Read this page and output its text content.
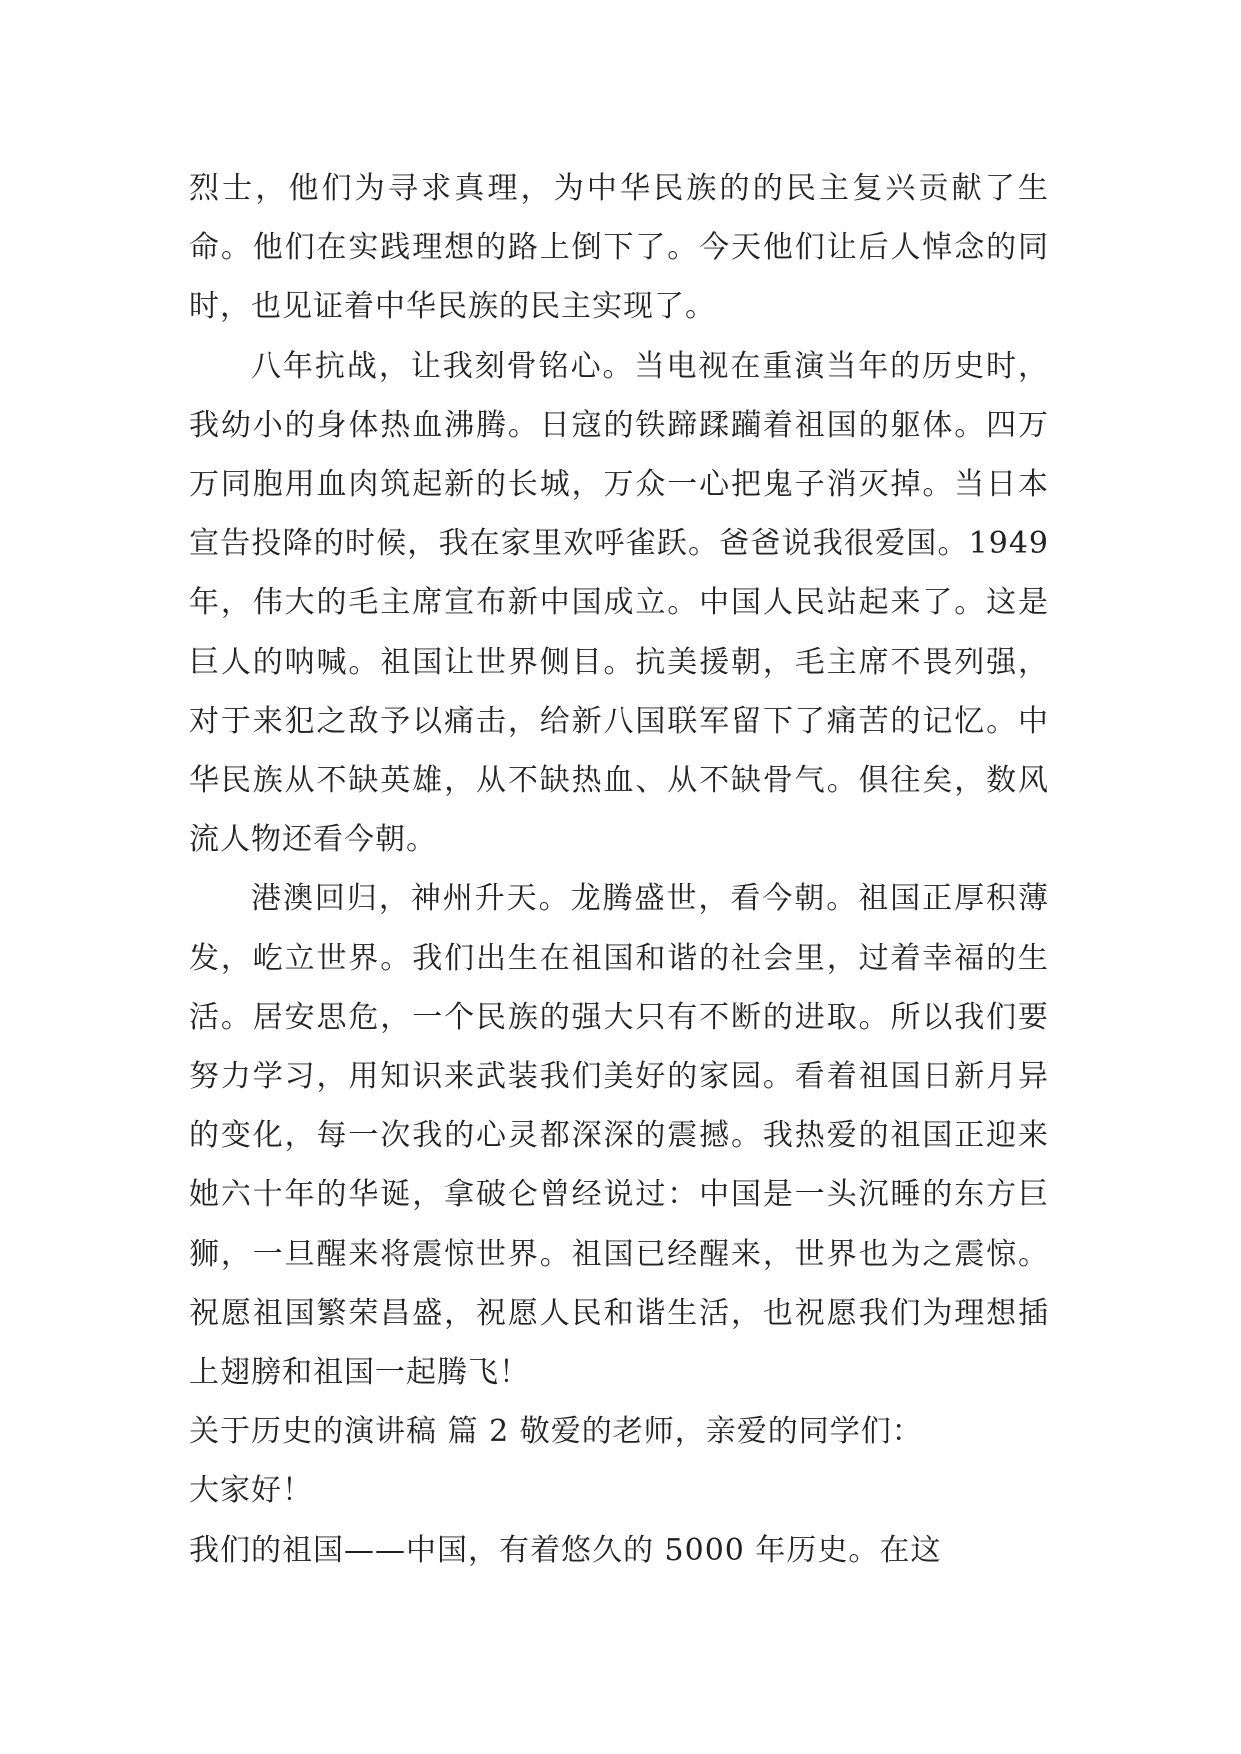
烈士，他们为寻求真理，为中华民族的的民主复兴贡献了生命。他们在实践理想的路上倒下了。今天他们让后人悼念的同时，也见证着中华民族的民主实现了。

八年抗战，让我刻骨铭心。当电视在重演当年的历史时，我幼小的身体热血沸腾。日寇的铁蹄蹂躏着祖国的躯体。四万万同胞用血肉筑起新的长城，万众一心把鬼子消灭掉。当日本宣告投降的时候，我在家里欢呼雀跃。爸爸说我很爱国。1949 年，伟大的毛主席宣布新中国成立。中国人民站起来了。这是巨人的呐喊。祖国让世界侧目。抗美援朝，毛主席不畏列强，对于来犯之敌予以痛击，给新八国联军留下了痛苦的记忆。中华民族从不缺英雄，从不缺热血、从不缺骨气。俱往矣，数风流人物还看今朝。

港澳回归，神州升天。龙腾盛世，看今朝。祖国正厚积薄发，屹立世界。我们出生在祖国和谐的社会里，过着幸福的生活。居安思危，一个民族的强大只有不断的进取。所以我们要努力学习，用知识来武装我们美好的家园。看着祖国日新月异的变化，每一次我的心灵都深深的震撼。我热爱的祖国正迎来她六十年的华诞，拿破仑曾经说过：中国是一头沉睡的东方巨狮，一旦醒来将震惊世界。祖国已经醒来，世界也为之震惊。祝愿祖国繁荣昌盛，祝愿人民和谐生活，也祝愿我们为理想插上翅膀和祖国一起腾飞！

关于历史的演讲稿 篇 2 敬爱的老师，亲爱的同学们：

大家好！

我们的祖国——中国，有着悠久的 5000 年历史。在这
